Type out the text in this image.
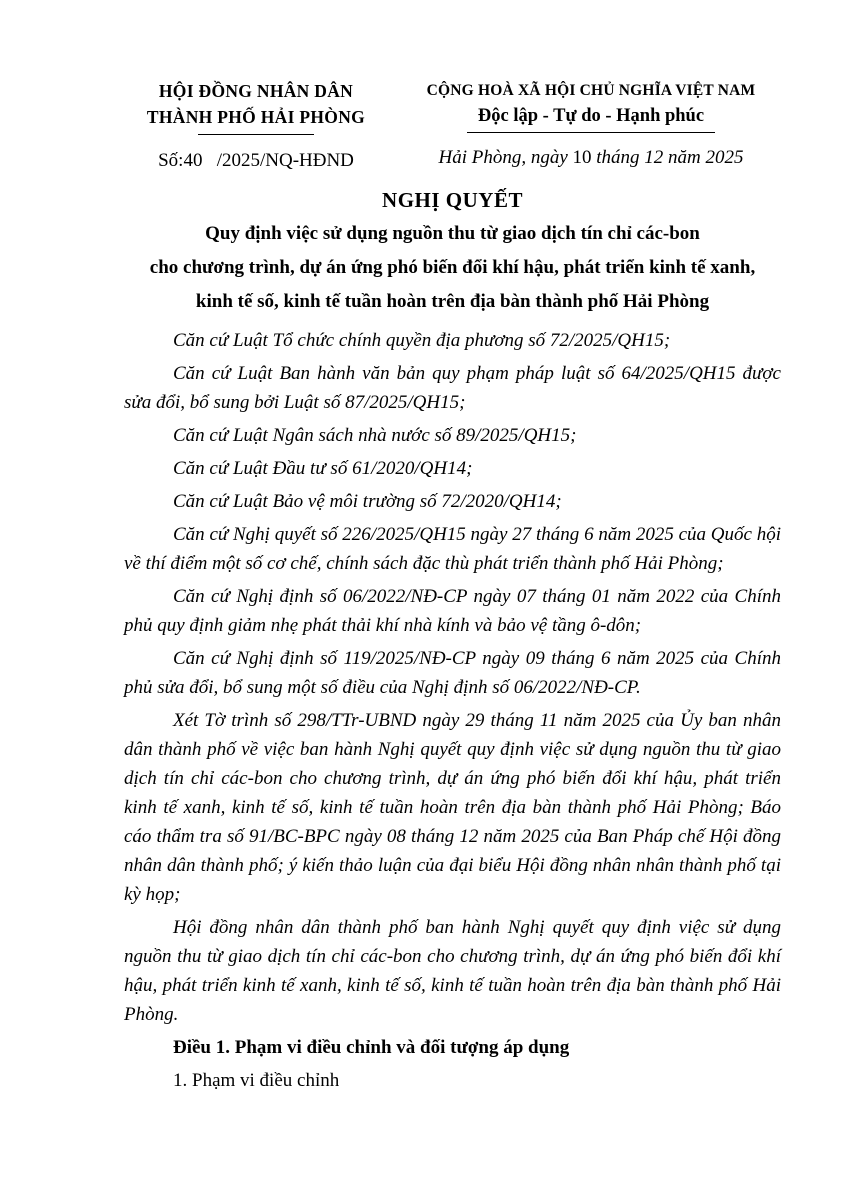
HỘI ĐỒNG NHÂN DÂN
THÀNH PHỐ HẢI PHÒNG
Số:40   /2025/NQ-HĐND
CỘNG HOÀ XÃ HỘI CHỦ NGHĨA VIỆT NAM
Độc lập - Tự do - Hạnh phúc
Hải Phòng, ngày 10 tháng 12 năm 2025
NGHỊ QUYẾT
Quy định việc sử dụng nguồn thu từ giao dịch tín chỉ các-bon
cho chương trình, dự án ứng phó biến đổi khí hậu, phát triển kinh tế xanh,
kinh tế số, kinh tế tuần hoàn trên địa bàn thành phố Hải Phòng

Căn cứ Luật Tổ chức chính quyền địa phương số 72/2025/QH15;

Căn cứ Luật Ban hành văn bản quy phạm pháp luật số 64/2025/QH15 được sửa đổi, bổ sung bởi Luật số 87/2025/QH15;

Căn cứ Luật Ngân sách nhà nước số 89/2025/QH15;

Căn cứ Luật Đầu tư số 61/2020/QH14;

Căn cứ Luật Bảo vệ môi trường số 72/2020/QH14;

Căn cứ Nghị quyết số 226/2025/QH15 ngày 27 tháng 6 năm 2025 của Quốc hội về thí điểm một số cơ chế, chính sách đặc thù phát triển thành phố Hải Phòng;

Căn cứ Nghị định số 06/2022/NĐ-CP ngày 07 tháng 01 năm 2022 của Chính phủ quy định giảm nhẹ phát thải khí nhà kính và bảo vệ tầng ô-dôn;

Căn cứ Nghị định số 119/2025/NĐ-CP ngày 09 tháng 6 năm 2025 của Chính phủ sửa đổi, bổ sung một số điều của Nghị định số 06/2022/NĐ-CP.

Xét Tờ trình số 298/TTr-UBND ngày 29 tháng 11 năm 2025 của Ủy ban nhân dân thành phố về việc ban hành Nghị quyết quy định việc sử dụng nguồn thu từ giao dịch tín chỉ các-bon cho chương trình, dự án ứng phó biến đổi khí hậu, phát triển kinh tế xanh, kinh tế số, kinh tế tuần hoàn trên địa bàn thành phố Hải Phòng; Báo cáo thẩm tra số 91/BC-BPC ngày 08 tháng 12 năm 2025 của Ban Pháp chế Hội đồng nhân dân thành phố; ý kiến thảo luận của đại biểu Hội đồng nhân nhân thành phố tại kỳ họp;

Hội đồng nhân dân thành phố ban hành Nghị quyết quy định việc sử dụng nguồn thu từ giao dịch tín chỉ các-bon cho chương trình, dự án ứng phó biến đổi khí hậu, phát triển kinh tế xanh, kinh tế số, kinh tế tuần hoàn trên địa bàn thành phố Hải Phòng.

Điều 1. Phạm vi điều chỉnh và đối tượng áp dụng

1. Phạm vi điều chỉnh
